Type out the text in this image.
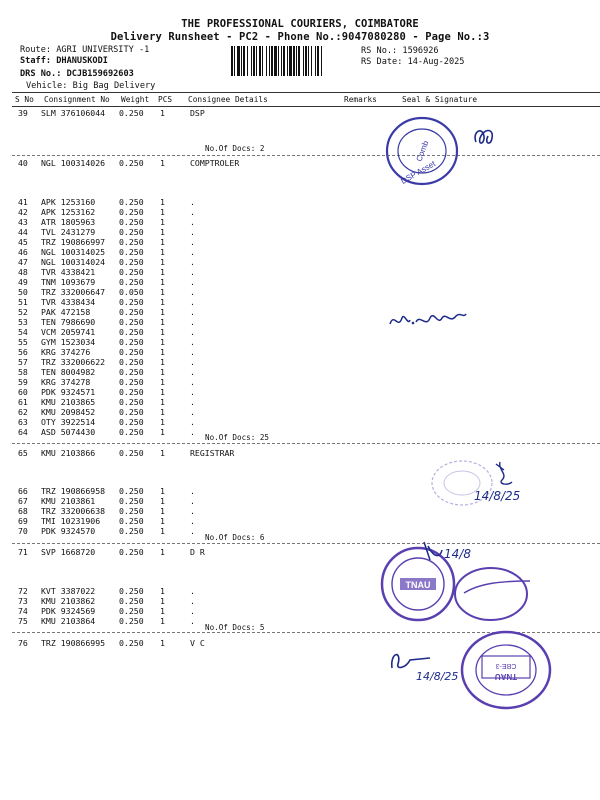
THE PROFESSIONAL COURIERS, COIMBATORE
Delivery Runsheet - PC2 - Phone No.:9047080280 - Page No.:3
Route: AGRI UNIVERSITY -1
Staff: DHANUSKODI
DRS No.: DCJB159692603
Vehicle: Big Bag Delivery
RS No.: 1596926
RS Date: 14-Aug-2025
S No Consignment No Weight PCS Consignee Details	Remarks	Seal & Signature
39 SLM 376106044 0.250 1	DSP
No.Of Docs: 2
40 NGL 100314026 0.250 1	COMPTROLER
41 APK 1253160	0.250 1	.
42 APK 1253162	0.250 1	.
43 ATR 1805963	0.250 1	.
44 TVL 2431279	0.250 1	.
45 TRZ 190866997 0.250 1	.
46 NGL 100314025 0.250 1	.
47 NGL 100314024 0.250 1	.
48 TVR 4338421	0.250 1	.
49 TNM 1093679	0.250 1	.
50 TRZ 332006647 0.050 1	.
51 TVR 4338434	0.250 1	.
52 PAK 472158	0.250 1	.
53 TEN 7986690	0.250 1	.
54 VCM 2059741	0.250 1	.
55 GYM 1523034	0.250 1	.
56 KRG 374276	0.250 1	.
57 TRZ 332006622 0.250 1	.
58 TEN 8004982	0.250 1	.
59 KRG 374278	0.250 1	.
60 PDK 9324571	0.250 1	.
61 KMU 2103865	0.250 1	.
62 KMU 2098452	0.250 1	.
63 OTY 3922514	0.250 1	.
64 ASD 5074430	0.250 1	.
No.Of Docs: 25
65 KMU 2103866	0.250 1	REGISTRAR
66 TRZ 190866958 0.250 1	.
67 KMU 2103861	0.250 1	.
68 TRZ 332006638 0.250 1	.
69 TMI 10231906 0.250 1	.
70 PDK 9324570	0.250 1	.
No.Of Docs: 6
71 SVP 1668720	0.250 1	D R
72 KVT 3387022	0.250 1	.
73 KMU 2103862	0.250 1	.
74 PDK 9324569	0.250 1	.
75 KMU 2103864	0.250 1	.
No.Of Docs: 5
76 TRZ 190866995 0.250 1	V C
Comb
DSP Asset
14/8/25
TNAU
14/8
14/8/25	TNAU
CBE-3
